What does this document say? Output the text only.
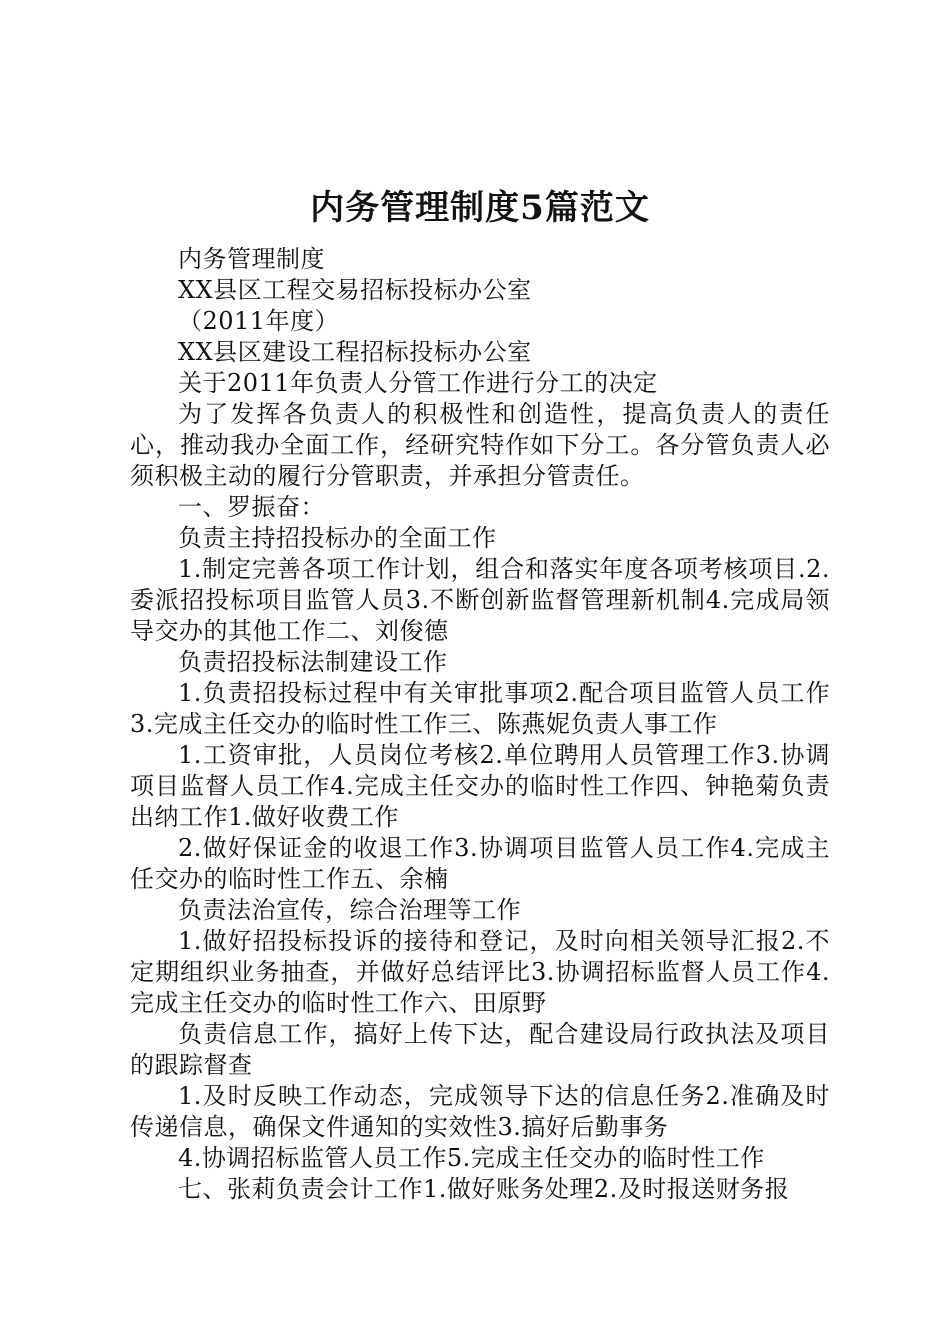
内务管理制度5篇范文

内务管理制度

XX县区工程交易招标投标办公室

（2011年度）

XX县区建设工程招标投标办公室

关于2011年负责人分管工作进行分工的决定

为了发挥各负责人的积极性和创造性，提高负责人的责任心，推动我办全面工作，经研究特作如下分工。各分管负责人必须积极主动的履行分管职责，并承担分管责任。

一、罗振奋：

负责主持招投标办的全面工作

1.制定完善各项工作计划，组合和落实年度各项考核项目.2.委派招投标项目监管人员3.不断创新监督管理新机制4.完成局领导交办的其他工作二、刘俊德

负责招投标法制建设工作

1.负责招投标过程中有关审批事项2.配合项目监管人员工作3.完成主任交办的临时性工作三、陈燕妮负责人事工作

1.工资审批，人员岗位考核2.单位聘用人员管理工作3.协调项目监督人员工作4.完成主任交办的临时性工作四、钟艳菊负责出纳工作1.做好收费工作

2.做好保证金的收退工作3.协调项目监管人员工作4.完成主任交办的临时性工作五、余楠

负责法治宣传，综合治理等工作

1.做好招投标投诉的接待和登记，及时向相关领导汇报2.不定期组织业务抽查，并做好总结评比3.协调招标监督人员工作4.完成主任交办的临时性工作六、田原野

负责信息工作，搞好上传下达，配合建设局行政执法及项目的跟踪督查

1.及时反映工作动态，完成领导下达的信息任务2.准确及时传递信息，确保文件通知的实效性3.搞好后勤事务

4.协调招标监管人员工作5.完成主任交办的临时性工作

七、张莉负责会计工作1.做好账务处理2.及时报送财务报
